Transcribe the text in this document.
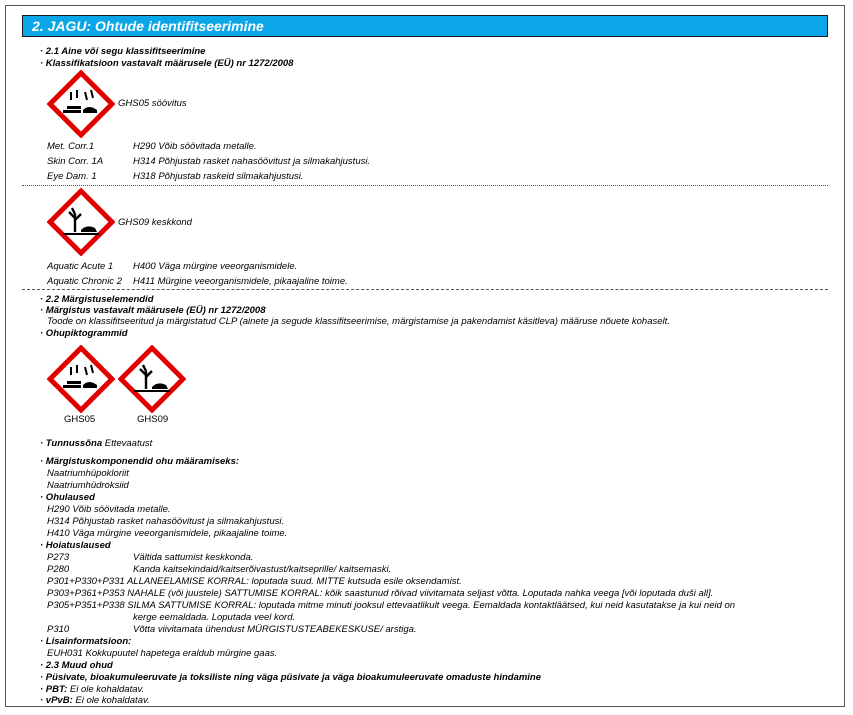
2. JAGU: Ohtude identifitseerimine
· 2.1 Aine või segu klassifitseerimine
· Klassifikatsioon vastavalt määrusele (EÜ) nr 1272/2008
GHS05 söövitus
Met. Corr.1	H290 Võib söövitada metalle.
Skin Corr. 1A	H314 Põhjustab rasket nahasöövitust ja silmakahjustusi.
Eye Dam. 1	H318 Põhjustab raskeid silmakahjustusi.
GHS09 keskkond
Aquatic Acute 1 H400 Väga mürgine veeorganismidele.
Aquatic Chronic 2 H411 Mürgine veeorganismidele, pikaajaline toime.
· 2.2 Märgistuselemendid
· Märgistus vastavalt määrusele (EÜ) nr 1272/2008
Toode on klassifitseeritud ja märgistatud CLP (ainete ja segude klassifitseerimise, märgistamise ja pakendamist käsitleva) määruse nõuete kohaselt.
· Ohupiktogrammid
GHS05	GHS09
· Tunnussõna Ettevaatust
· Märgistuskomponendid ohu määramiseks:
Naatriumhüpokloriit
Naatriumhüdroksiid
· Ohulaused
H290 Võib söövitada metalle.
H314 Põhjustab rasket nahasöövitust ja silmakahjustusi.
H410 Väga mürgine veeorganismidele, pikaajaline toime.
· Hoiatuslaused
P273	Vältida sattumist keskkonda.
P280	Kanda kaitsekindaid/kaitserõivastust/kaitseprille/ kaitsemaski.
P301+P330+P331 ALLANEELAMISE KORRAL: loputada suud. MITTE kutsuda esile oksendamist.
P303+P361+P353 NAHALE (või juustele) SATTUMISE KORRAL: kõik saastunud rõivad viivitamata seljast võtta. Loputada nahka veega [või loputada duši all].
P305+P351+P338 SILMA SATTUMISE KORRAL: loputada mitme minuti jooksul ettevaatlikult veega. Eemaldada kontaktläätsed, kui neid kasutatakse ja kui neid on
kerge eemaldada. Loputada veel kord.
P310	Võtta viivitamata ühendust MÜRGISTUSTEABEKESKUSE/ arstiga.
· Lisainformatsioon:
EUH031 Kokkupuutel hapetega eraldub mürgine gaas.
· 2.3 Muud ohud
· Püsivate, bioakumuleeruvate ja toksiliste ning väga püsivate ja väga bioakumuleeruvate omaduste hindamine
· PBT: Ei ole kohaldatav.
· vPvB: Ei ole kohaldatav.
